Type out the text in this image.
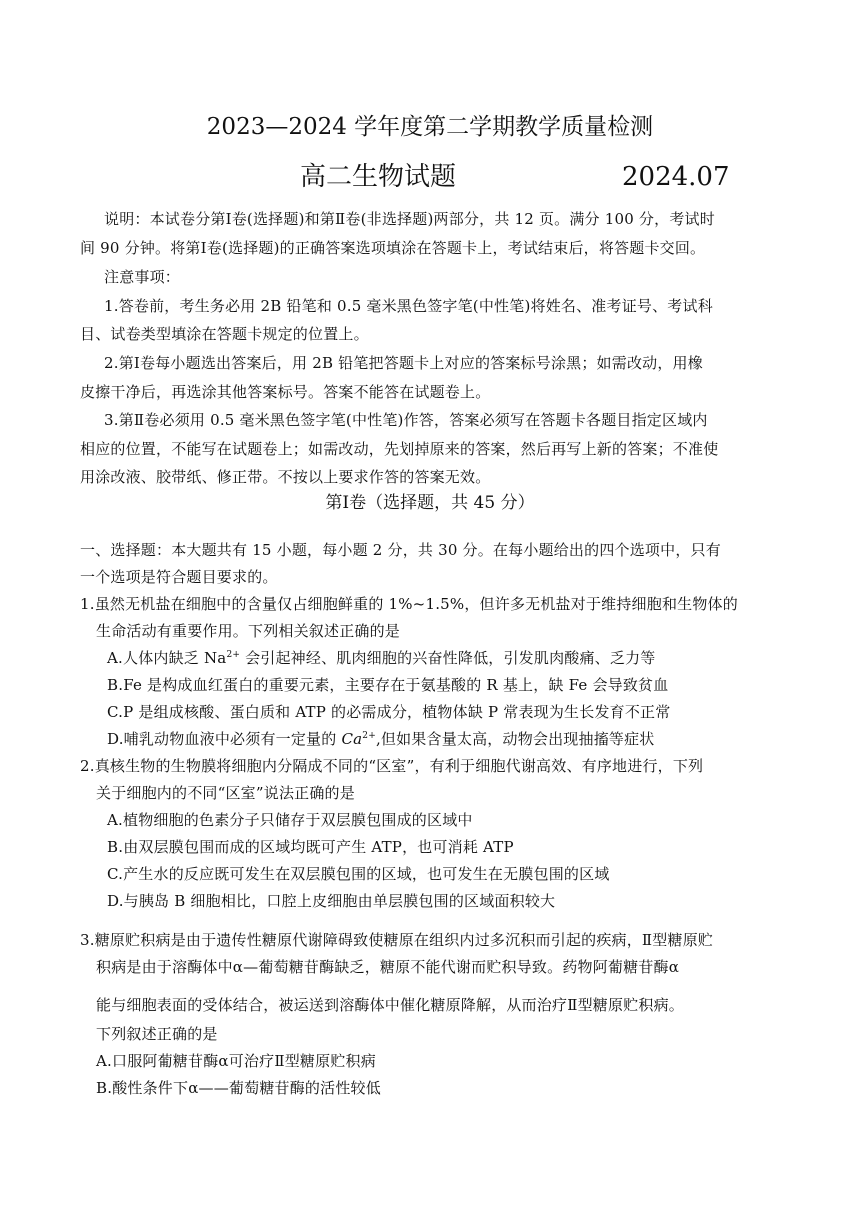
2023—2024 学年度第二学期教学质量检测
高二生物试题	2024.07
说明：本试卷分第Ⅰ卷(选择题)和第Ⅱ卷(非选择题)两部分，共 12 页。满分 100 分，考试时
间 90 分钟。将第Ⅰ卷(选择题)的正确答案选项填涂在答题卡上，考试结束后，将答题卡交回。
注意事项：
1.答卷前，考生务必用 2B 铅笔和 0.5 毫米黑色签字笔(中性笔)将姓名、准考证号、考试科
目、试卷类型填涂在答题卡规定的位置上。
2.第Ⅰ卷每小题选出答案后，用 2B 铅笔把答题卡上对应的答案标号涂黑；如需改动，用橡
皮擦干净后，再选涂其他答案标号。答案不能答在试题卷上。
3.第Ⅱ卷必须用 0.5 毫米黑色签字笔(中性笔)作答，答案必须写在答题卡各题目指定区域内
相应的位置，不能写在试题卷上；如需改动，先划掉原来的答案，然后再写上新的答案；不准使
用涂改液、胶带纸、修正带。不按以上要求作答的答案无效。
第Ⅰ卷（选择题，共 45 分）
一、选择题：本大题共有 15 小题，每小题 2 分，共 30 分。在每小题给出的四个选项中，只有
一个选项是符合题目要求的。
1.虽然无机盐在细胞中的含量仅占细胞鲜重的 1%~1.5%，但许多无机盐对于维持细胞和生物体的
生命活动有重要作用。下列相关叙述正确的是
A.人体内缺乏 $Na^{2+}$ 会引起神经、肌肉细胞的兴奋性降低，引发肌肉酸痛、乏力等
B.Fe 是构成血红蛋白的重要元素，主要存在于氨基酸的 R 基上，缺 Fe 会导致贫血
C.P 是组成核酸、蛋白质和 ATP 的必需成分，植物体缺 P 常表现为生长发育不正常
D.哺乳动物血液中必须有一定量的 $Ca^{2+}$,但如果含量太高，动物会出现抽搐等症状
2.真核生物的生物膜将细胞内分隔成不同的“区室”，有利于细胞代谢高效、有序地进行，下列
关于细胞内的不同“区室”说法正确的是
A.植物细胞的色素分子只储存于双层膜包围成的区域中
B.由双层膜包围而成的区域均既可产生 ATP，也可消耗 ATP
C.产生水的反应既可发生在双层膜包围的区域，也可发生在无膜包围的区域
D.与胰岛 B 细胞相比，口腔上皮细胞由单层膜包围的区域面积较大
3.糖原贮积病是由于遗传性糖原代谢障碍致使糖原在组织内过多沉积而引起的疾病，Ⅱ型糖原贮
积病是由于溶酶体中α—葡萄糖苷酶缺乏，糖原不能代谢而贮积导致。药物阿葡糖苷酶α
能与细胞表面的受体结合，被运送到溶酶体中催化糖原降解，从而治疗Ⅱ型糖原贮积病。
下列叙述正确的是
A.口服阿葡糖苷酶α可治疗Ⅱ型糖原贮积病
B.酸性条件下α——葡萄糖苷酶的活性较低
